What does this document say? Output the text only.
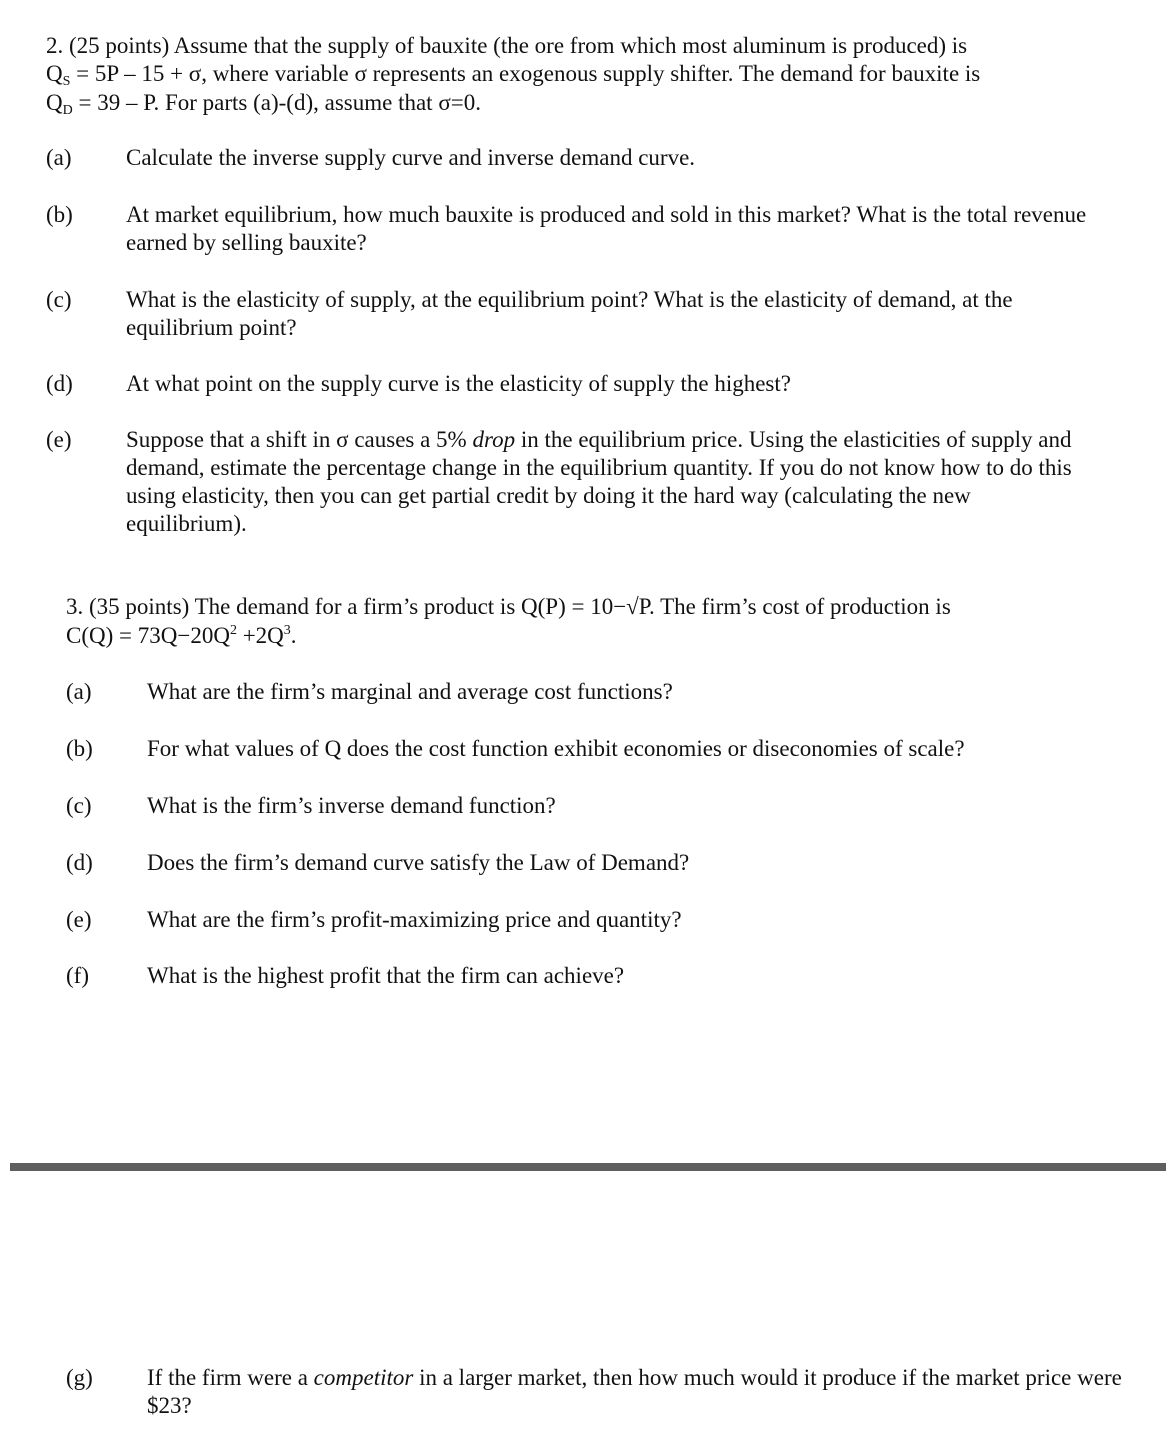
2. (25 points) Assume that the supply of bauxite (the ore from which most aluminum is produced) is
$Q_S = 5P - 15 + \sigma$, where variable σ represents an exogenous supply shifter. The demand for bauxite is
$Q_D = 39 - P$. For parts (a)-(d), assume that σ=0.
(a) Calculate the inverse supply curve and inverse demand curve.
(b) At market equilibrium, how much bauxite is produced and sold in this market? What is the total revenue earned by selling bauxite?
(c) What is the elasticity of supply, at the equilibrium point? What is the elasticity of demand, at the equilibrium point?
(d) At what point on the supply curve is the elasticity of supply the highest?
(e) Suppose that a shift in σ causes a 5% drop in the equilibrium price. Using the elasticities of supply and demand, estimate the percentage change in the equilibrium quantity. If you do not know how to do this using elasticity, then you can get partial credit by doing it the hard way (calculating the new equilibrium).
3. (35 points) The demand for a firm’s product is Q(P) = 10−√P. The firm’s cost of production is
$C(Q) = 73Q-20Q^2 +2Q^3$.
(a) What are the firm’s marginal and average cost functions?
(b) For what values of Q does the cost function exhibit economies or diseconomies of scale?
(c) What is the firm’s inverse demand function?
(d) Does the firm’s demand curve satisfy the Law of Demand?
(e) What are the firm’s profit-maximizing price and quantity?
(f)	What is the highest profit that the firm can achieve?
(g) If the firm were a competitor in a larger market, then how much would it produce if the market price were $23?
